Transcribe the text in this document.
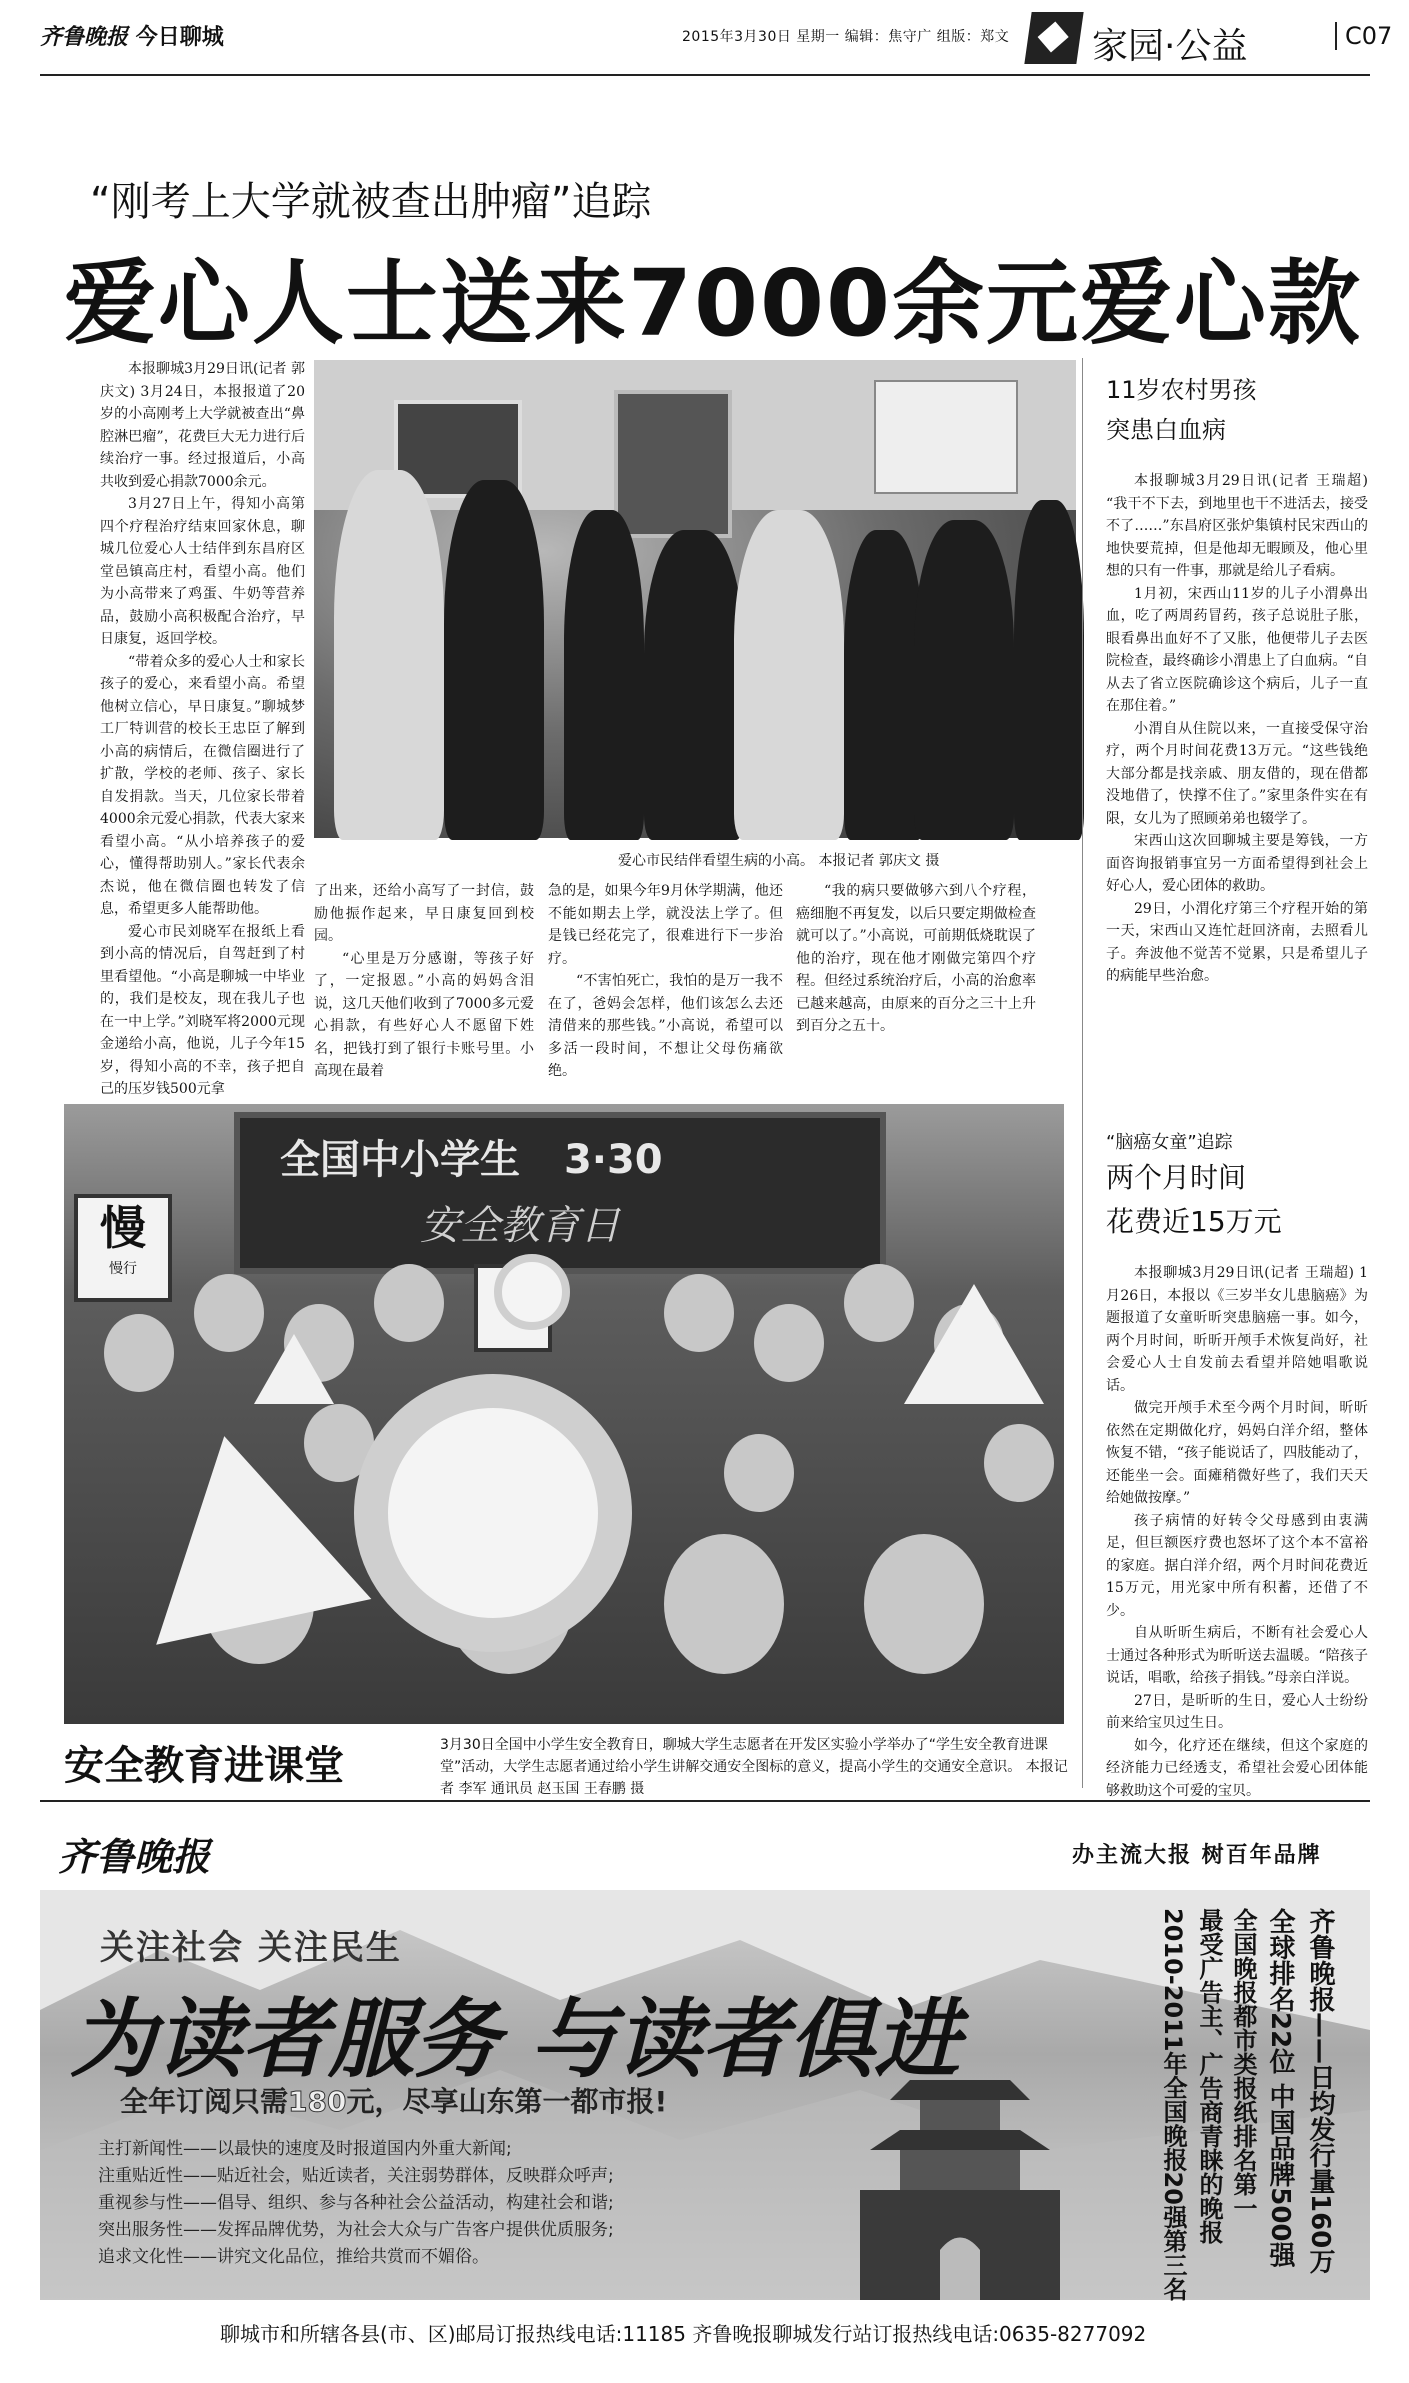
齐鲁晚报 今日聊城	2015年3月30日 星期一 编辑：焦守广 组版：郑文 家园·公益	C07
“刚考上大学就被查出肿瘤”追踪
爱心人士送来7000余元爱心款

本报聊城3月29日讯(记者 郭庆文) 3月24日，本报报道了20岁的小高刚考上大学就被查出“鼻腔淋巴瘤”，花费巨大无力进行后续治疗一事。经过报道后，小高共收到爱心捐款7000余元。

3月27日上午，得知小高第四个疗程治疗结束回家休息，聊城几位爱心人士结伴到东昌府区堂邑镇高庄村，看望小高。他们为小高带来了鸡蛋、牛奶等营养品，鼓励小高积极配合治疗，早日康复，返回学校。

“带着众多的爱心人士和家长孩子的爱心，来看望小高。希望他树立信心，早日康复。”聊城梦工厂特训营的校长王忠臣了解到小高的病情后，在微信圈进行了扩散，学校的老师、孩子、家长自发捐款。当天，几位家长带着4000余元爱心捐款，代表大家来看望小高。“从小培养孩子的爱心，懂得帮助别人。”家长代表余杰说，他在微信圈也转发了信息，希望更多人能帮助他。

爱心市民刘晓军在报纸上看到小高的情况后，自驾赶到了村里看望他。“小高是聊城一中毕业的，我们是校友，现在我儿子也在一中上学。”刘晓军将2000元现金递给小高，他说，儿子今年15岁，得知小高的不幸，孩子把自己的压岁钱500元拿

爱心市民结伴看望生病的小高。 本报记者 郭庆文 摄

了出来，还给小高写了一封信，鼓励他振作起来，早日康复回到校园。

“心里是万分感谢，等孩子好了，一定报恩。”小高的妈妈含泪说，这几天他们收到了7000多元爱心捐款，有些好心人不愿留下姓名，把钱打到了银行卡账号里。小高现在最着

急的是，如果今年9月休学期满，他还不能如期去上学，就没法上学了。但是钱已经花完了，很难进行下一步治疗。

“不害怕死亡，我怕的是万一我不在了，爸妈会怎样，他们该怎么去还清借来的那些钱。”小高说，希望可以多活一段时间，不想让父母伤痛欲绝。

“我的病只要做够六到八个疗程，癌细胞不再复发，以后只要定期做检查就可以了。”小高说，可前期低烧耽误了他的治疗，现在他才刚做完第四个疗程。但经过系统治疗后，小高的治愈率已越来越高，由原来的百分之三十上升到百分之五十。

11岁农村男孩
突患白血病

本报聊城3月29日讯(记者 王瑞超) “我干不下去，到地里也干不进活去，接受不了……”东昌府区张炉集镇村民宋西山的地快要荒掉，但是他却无暇顾及，他心里想的只有一件事，那就是给儿子看病。

1月初，宋西山11岁的儿子小渭鼻出血，吃了两周药冒药，孩子总说肚子胀，眼看鼻出血好不了又胀，他便带儿子去医院检查，最终确诊小渭患上了白血病。“自从去了省立医院确诊这个病后，儿子一直在那住着。”

小渭自从住院以来，一直接受保守治疗，两个月时间花费13万元。“这些钱绝大部分都是找亲戚、朋友借的，现在借都没地借了，快撑不住了。”家里条件实在有限，女儿为了照顾弟弟也辍学了。

宋西山这次回聊城主要是筹钱，一方面咨询报销事宜另一方面希望得到社会上好心人，爱心团体的救助。

29日，小渭化疗第三个疗程开始的第一天，宋西山又连忙赶回济南，去照看儿子。奔波他不觉苦不觉累，只是希望儿子的病能早些治愈。

“脑癌女童”追踪
两个月时间
花费近15万元

本报聊城3月29日讯(记者 王瑞超) 1月26日，本报以《三岁半女儿患脑癌》为题报道了女童昕昕突患脑癌一事。如今，两个月时间，昕昕开颅手术恢复尚好，社会爱心人士自发前去看望并陪她唱歌说话。

做完开颅手术至今两个月时间，昕昕依然在定期做化疗，妈妈白洋介绍，整体恢复不错，“孩子能说话了，四肢能动了，还能坐一会。面瘫稍微好些了，我们天天给她做按摩。”

孩子病情的好转令父母感到由衷满足，但巨额医疗费也怒坏了这个本不富裕的家庭。据白洋介绍，两个月时间花费近15万元，用光家中所有积蓄，还借了不少。

自从昕昕生病后，不断有社会爱心人士通过各种形式为昕昕送去温暖。“陪孩子说话，唱歌，给孩子捐钱。”母亲白洋说。

27日，是昕昕的生日，爱心人士纷纷前来给宝贝过生日。

如今，化疗还在继续，但这个家庭的经济能力已经透支，希望社会爱心团体能够救助这个可爱的宝贝。

全国中小学生 3·30
安全教育日
慢
慢行
安全教育进课堂	3月30日全国中小学生安全教育日，聊城大学生志愿者在开发区实验小学举办了“学生安全教育进课堂”活动，大学生志愿者通过给小学生讲解交通安全图标的意义，提高小学生的交通安全意识。 本报记者 李军 通讯员 赵玉国 王春鹏 摄
齐鲁晚报	办主流大报 树百年品牌
关注社会 关注民生
为读者服务 与读者俱进
全年订阅只需180元，尽享山东第一都市报!
主打新闻性——以最快的速度及时报道国内外重大新闻;
注重贴近性——贴近社会，贴近读者，关注弱势群体，反映群众呼声;
重视参与性——倡导、组织、参与各种社会公益活动，构建社会和谐;
突出服务性——发挥品牌优势，为社会大众与广告客户提供优质服务;
追求文化性——讲究文化品位，推给共赏而不媚俗。	齐鲁晚报——日均发行量160万
全球排名22位 中国品牌500强
全国晚报都市类报纸排名第一
最受广告主、广告商青睐的晚报
2010-2011年全国晚报20强第三名
聊城市和所辖各县(市、区)邮局订报热线电话:11185 齐鲁晚报聊城发行站订报热线电话:0635-8277092
